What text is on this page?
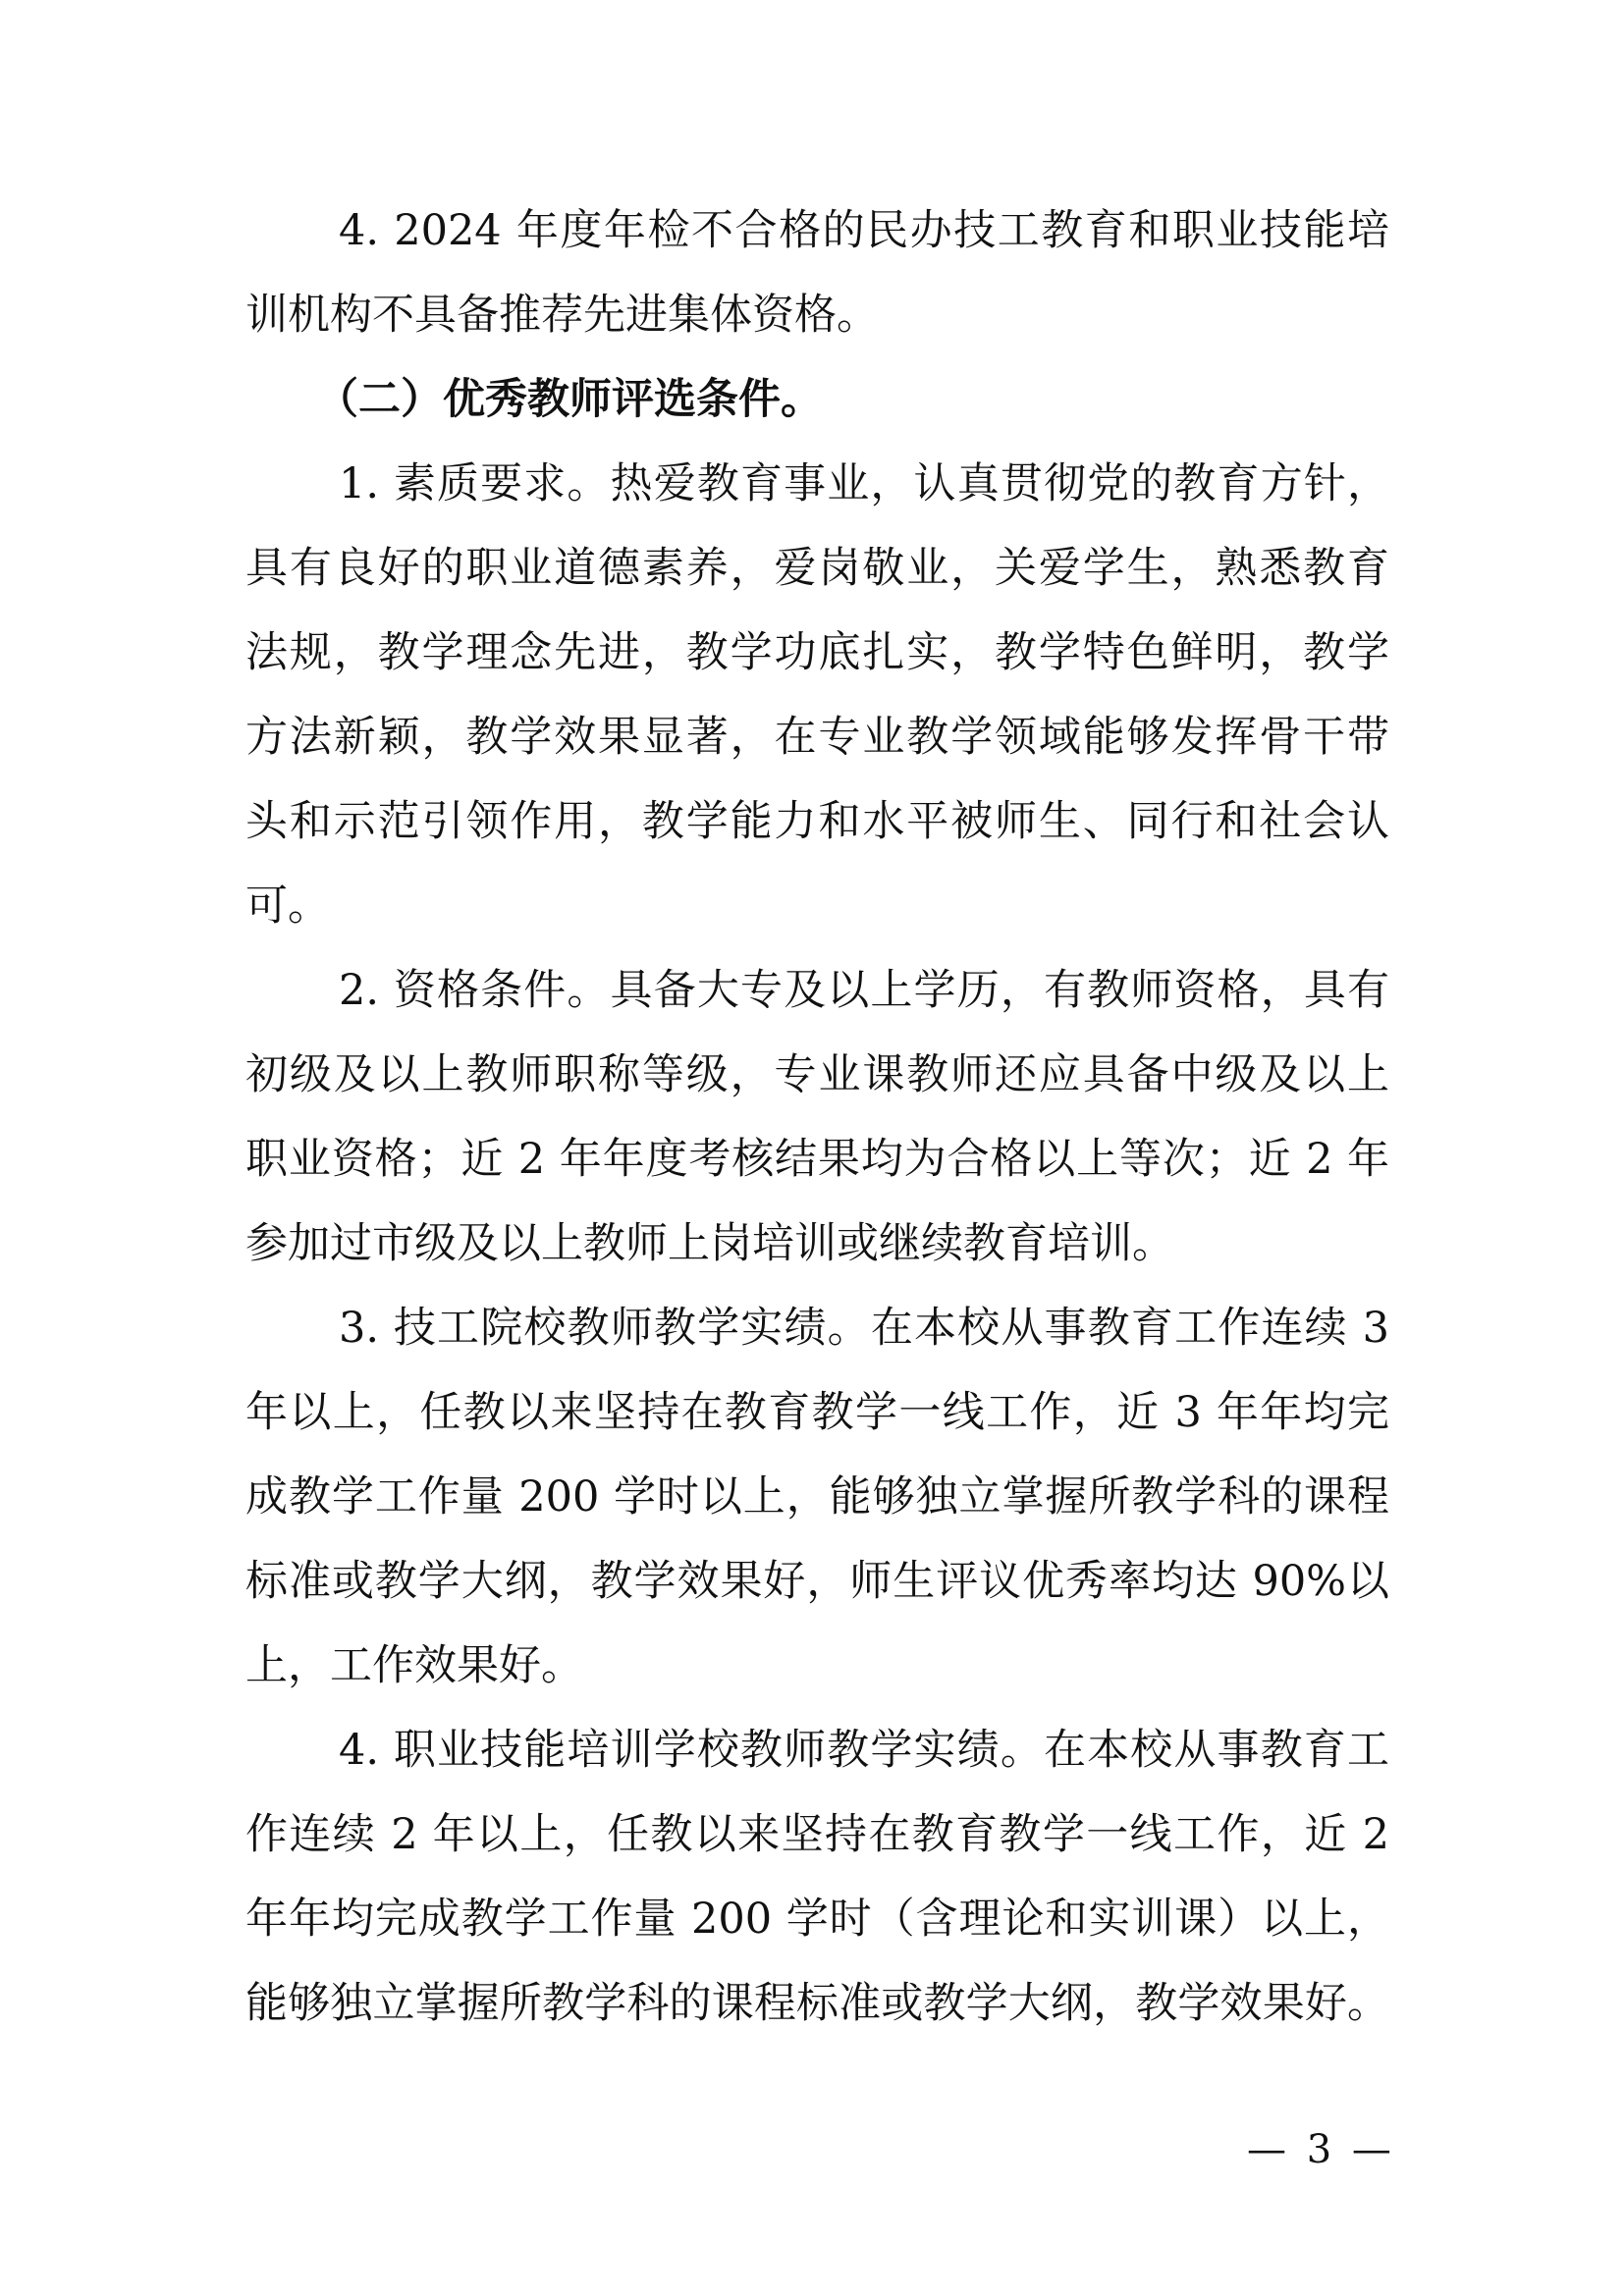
4. 2024 年度年检不合格的民办技工教育和职业技能培
训机构不具备推荐先进集体资格。
（二）优秀教师评选条件。
1. 素质要求。热爱教育事业，认真贯彻党的教育方针，
具有良好的职业道德素养，爱岗敬业，关爱学生，熟悉教育
法规，教学理念先进，教学功底扎实，教学特色鲜明，教学
方法新颖，教学效果显著，在专业教学领域能够发挥骨干带
头和示范引领作用，教学能力和水平被师生、同行和社会认
可。
2. 资格条件。具备大专及以上学历，有教师资格，具有
初级及以上教师职称等级，专业课教师还应具备中级及以上
职业资格；近 2 年年度考核结果均为合格以上等次；近 2 年
参加过市级及以上教师上岗培训或继续教育培训。
3. 技工院校教师教学实绩。在本校从事教育工作连续 3
年以上，任教以来坚持在教育教学一线工作，近 3 年年均完
成教学工作量 200 学时以上，能够独立掌握所教学科的课程
标准或教学大纲，教学效果好，师生评议优秀率均达 90%以
上，工作效果好。
4. 职业技能培训学校教师教学实绩。在本校从事教育工
作连续 2 年以上，任教以来坚持在教育教学一线工作，近 2
年年均完成教学工作量 200 学时（含理论和实训课）以上，
能够独立掌握所教学科的课程标准或教学大纲，教学效果好。
— 3 —
